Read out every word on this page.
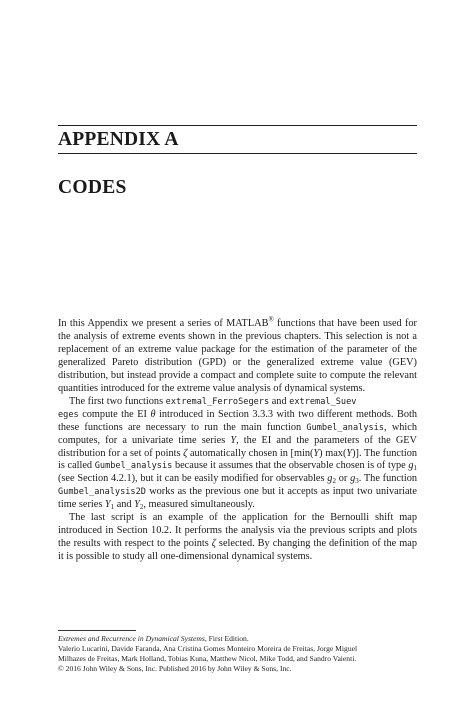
APPENDIX A
CODES

In this Appendix we present a series of MATLAB® functions that have been used for the analysis of extreme events shown in the previous chapters. This selection is not a replacement of an extreme value package for the estimation of the parameter of the generalized Pareto distribution (GPD) or the generalized extreme value (GEV) distribution, but instead provide a compact and complete suite to compute the relevant quantities introduced for the extreme value analysis of dynamical systems.

The first two functions extremal_FerroSegers and extremal_Suev
eges compute the EI θ introduced in Section 3.3.3 with two different methods. Both these functions are necessary to run the main function Gumbel_analysis, which computes, for a univariate time series Y, the EI and the parameters of the GEV distribution for a set of points ζ automatically chosen in [min(Y) max(Y)]. The function is called Gumbel_analysis because it assumes that the observable chosen is of type $g_1$ (see Section 4.2.1), but it can be easily modified for observables $g_2$ or $g_3$. The function Gumbel_analysis2D works as the previous one but it accepts as input two univariate time series $Y_1$ and $Y_2$, measured simultaneously.

The last script is an example of the application for the Bernoulli shift map introduced in Section 10.2. It performs the analysis via the previous scripts and plots the results with respect to the points ζ selected. By changing the definition of the map it is possible to study all one-dimensional dynamical systems.

Extremes and Recurrence in Dynamical Systems, First Edition.
Valerio Lucarini, Davide Faranda, Ana Cristina Gomes Monteiro Moreira de Freitas, Jorge Miguel
Milhazes de Freitas, Mark Holland, Tobias Kuna, Matthew Nicol, Mike Todd, and Sandro Vaienti.
© 2016 John Wiley & Sons, Inc. Published 2016 by John Wiley & Sons, Inc.
